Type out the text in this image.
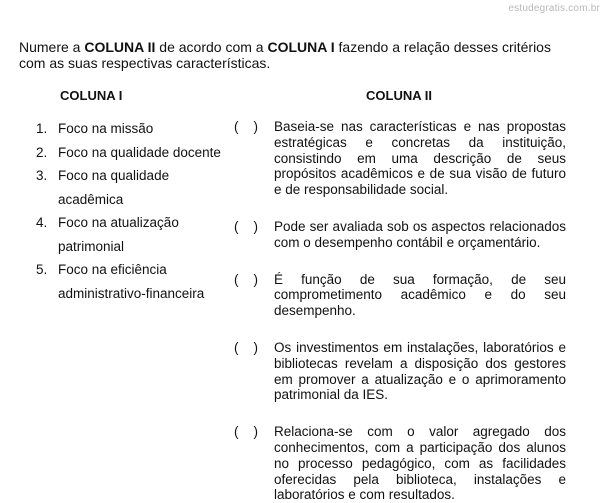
estudegratis.com.br
Numere a COLUNA II de acordo com a COLUNA I fazendo a relação desses critérios com as suas respectivas características.
COLUNA I	COLUNA II
1. Foco na missão
2. Foco na qualidade docente
3. Foco na qualidade acadêmica
4. Foco na atualização patrimonial
5. Foco na eficiência administrativo-financeira
(    )	Baseia-se nas características e nas propostas estratégicas e concretas da instituição, consistindo em uma descrição de seus propósitos acadêmicos e de sua visão de futuro e de responsabilidade social.
(    )	Pode ser avaliada sob os aspectos relacionados com o desempenho contábil e orçamentário.
(    )	É função de sua formação, de seu comprometimento acadêmico e do seu desempenho.
(    )	Os investimentos em instalações, laboratórios e bibliotecas revelam a disposição dos gestores em promover a atualização e o aprimoramento patrimonial da IES.
(    )	Relaciona-se com o valor agregado dos conhecimentos, com a participação dos alunos no processo pedagógico, com as facilidades oferecidas pela biblioteca, instalações e laboratórios e com resultados.
